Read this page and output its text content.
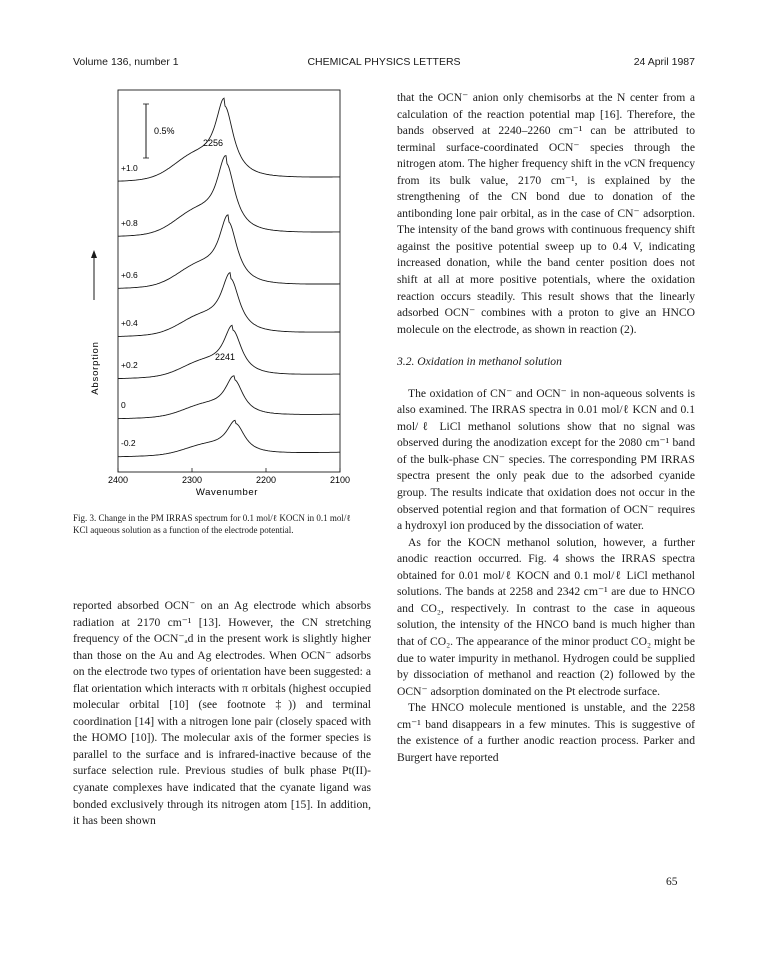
Volume 136, number 1	CHEMICAL PHYSICS LETTERS	24 April 1987
0.5%
2256
2241
+1.0
+0.8
+0.6
+0.4
+0.2
0
-0.2
Absorption
2400	2300	2200	2100
Wavenumber
Fig. 3. Change in the PM IRRAS spectrum for 0.1 mol/ℓ KOCN in 0.1 mol/ℓ KCl aqueous solution as a function of the electrode potential.

reported absorbed OCN⁻ on an Ag electrode which absorbs radiation at 2170 cm⁻¹ [13]. However, the CN stretching frequency of the OCN⁻ₐd in the present work is slightly higher than those on the Au and Ag electrodes. When OCN⁻ adsorbs on the electrode two types of orientation have been suggested: a flat orientation which interacts with π orbitals (highest occupied molecular orbital [10] (see footnote ‡)) and terminal coordination [14] with a nitrogen lone pair (closely spaced with the HOMO [10]). The molecular axis of the former species is parallel to the surface and is infrared-inactive because of the surface selection rule. Previous studies of bulk phase Pt(II)-cyanate complexes have indicated that the cyanate ligand was bonded exclusively through its nitrogen atom [15]. In addition, it has been shown

that the OCN⁻ anion only chemisorbs at the N center from a calculation of the reaction potential map [16]. Therefore, the bands observed at 2240–2260 cm⁻¹ can be attributed to terminal surface-coordinated OCN⁻ species through the nitrogen atom. The higher frequency shift in the νCN frequency from its bulk value, 2170 cm⁻¹, is explained by the strengthening of the CN bond due to donation of the antibonding lone pair orbital, as in the case of CN⁻ adsorption. The intensity of the band grows with continuous frequency shift against the positive potential sweep up to 0.4 V, indicating increased donation, while the band center position does not shift at all at more positive potentials, where the oxidation reaction occurs steadily. This result shows that the linearly adsorbed OCN⁻ combines with a proton to give an HNCO molecule on the electrode, as shown in reaction (2).

3.2. Oxidation in methanol solution

The oxidation of CN⁻ and OCN⁻ in non-aqueous solvents is also examined. The IRRAS spectra in 0.01 mol/ℓ KCN and 0.1 mol/ℓ LiCl methanol solutions show that no signal was observed during the anodization except for the 2080 cm⁻¹ band of the bulk-phase CN⁻ species. The corresponding PM IRRAS spectra present the only peak due to the adsorbed cyanide group. The results indicate that oxidation does not occur in the observed potential region and that formation of OCN⁻ requires a hydroxyl ion produced by the dissociation of water.

As for the KOCN methanol solution, however, a further anodic reaction occurred. Fig. 4 shows the IRRAS spectra obtained for 0.01 mol/ℓ KOCN and 0.1 mol/ℓ LiCl methanol solutions. The bands at 2258 and 2342 cm⁻¹ are due to HNCO and CO₂, respectively. In contrast to the case in aqueous solution, the intensity of the HNCO band is much higher than that of CO₂. The appearance of the minor product CO₂ might be due to water impurity in methanol. Hydrogen could be supplied by dissociation of methanol and reaction (2) followed by the OCN⁻ adsorption dominated on the Pt electrode surface.

The HNCO molecule mentioned is unstable, and the 2258 cm⁻¹ band disappears in a few minutes. This is suggestive of the existence of a further anodic reaction process. Parker and Burgert have reported

65
